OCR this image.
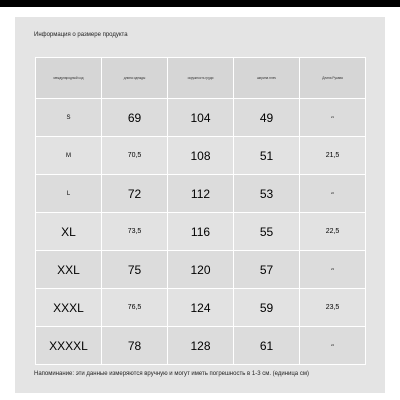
Информация о размере продукта
международный код	длина одежды	окружность груди	ширина плеч	Длина Рукава
S	69	104	49	21
M	70,5	108	51	21,5
L	72	112	53	22
XL	73,5	116	55	22,5
XXL	75	120	57	23
XXXL	76,5	124	59	23,5
XXXXL	78	128	61	24
Напоминание: эти данные измеряются вручную и могут иметь погрешность в 1-3 см. (единица см)
